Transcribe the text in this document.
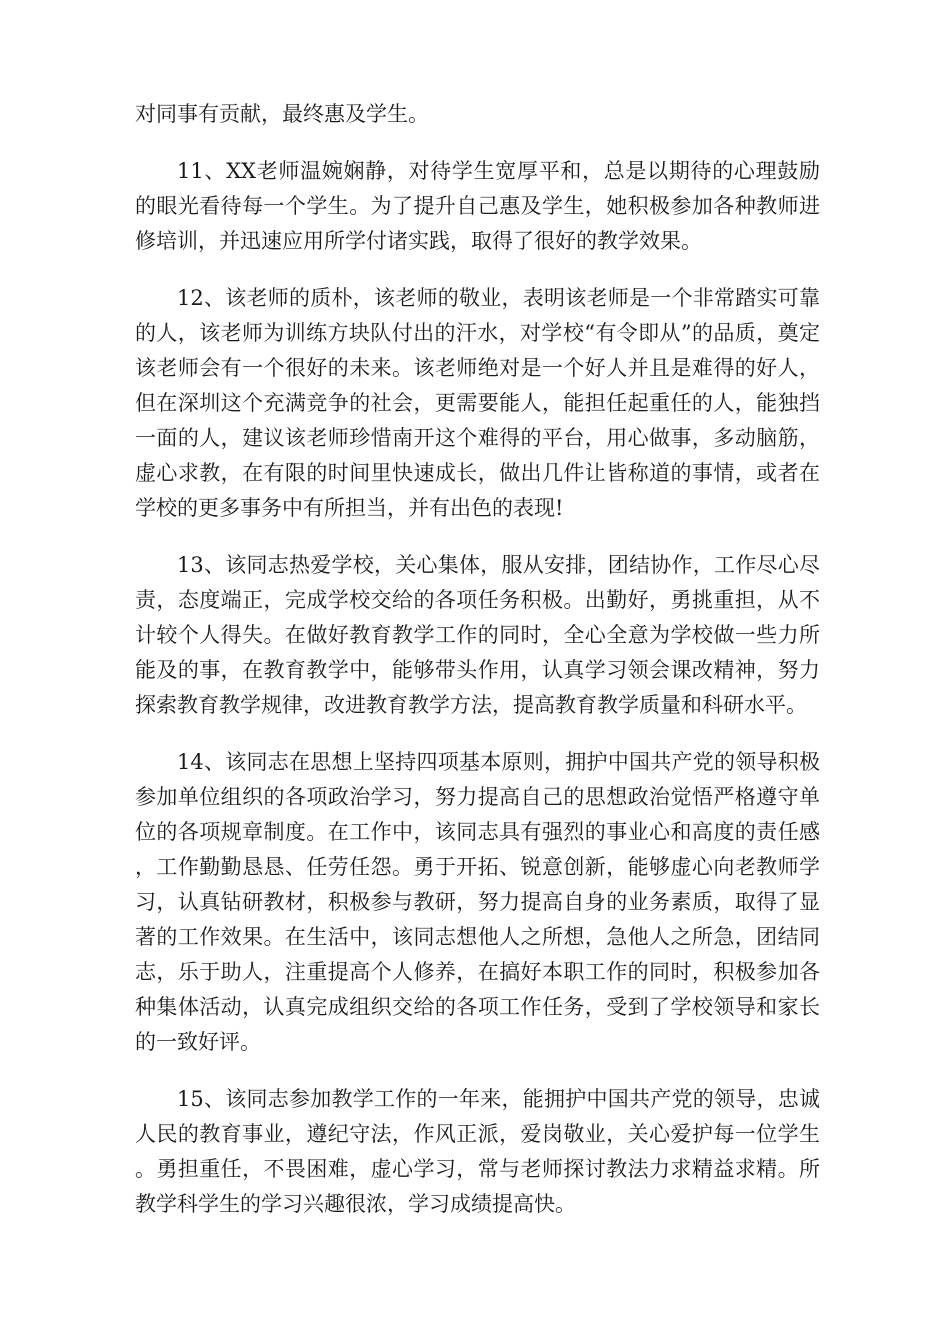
对同事有贡献，最终惠及学生。

11、XX老师温婉娴静，对待学生宽厚平和，总是以期待的心理鼓励的眼光看待每一个学生。为了提升自己惠及学生，她积极参加各种教师进修培训，并迅速应用所学付诸实践，取得了很好的教学效果。

12、该老师的质朴，该老师的敬业，表明该老师是一个非常踏实可靠的人，该老师为训练方块队付出的汗水，对学校“有令即从”的品质，奠定该老师会有一个很好的未来。该老师绝对是一个好人并且是难得的好人，但在深圳这个充满竞争的社会，更需要能人，能担任起重任的人，能独挡一面的人，建议该老师珍惜南开这个难得的平台，用心做事，多动脑筋，虚心求教，在有限的时间里快速成长，做出几件让皆称道的事情，或者在学校的更多事务中有所担当，并有出色的表现!

13、该同志热爱学校，关心集体，服从安排，团结协作，工作尽心尽责，态度端正，完成学校交给的各项任务积极。出勤好，勇挑重担，从不计较个人得失。在做好教育教学工作的同时，全心全意为学校做一些力所能及的事，在教育教学中，能够带头作用，认真学习领会课改精神，努力探索教育教学规律，改进教育教学方法，提高教育教学质量和科研水平。

14、该同志在思想上坚持四项基本原则，拥护中国共产党的领导积极参加单位组织的各项政治学习，努力提高自己的思想政治觉悟严格遵守单位的各项规章制度。在工作中，该同志具有强烈的事业心和高度的责任感，工作勤勤恳恳、任劳任怨。勇于开拓、锐意创新，能够虚心向老教师学习，认真钻研教材，积极参与教研，努力提高自身的业务素质，取得了显著的工作效果。在生活中，该同志想他人之所想，急他人之所急，团结同志，乐于助人，注重提高个人修养，在搞好本职工作的同时，积极参加各种集体活动，认真完成组织交给的各项工作任务，受到了学校领导和家长的一致好评。

15、该同志参加教学工作的一年来，能拥护中国共产党的领导，忠诚人民的教育事业，遵纪守法，作风正派，爱岗敬业，关心爱护每一位学生。勇担重任，不畏困难，虚心学习，常与老师探讨教法力求精益求精。所教学科学生的学习兴趣很浓，学习成绩提高快。
